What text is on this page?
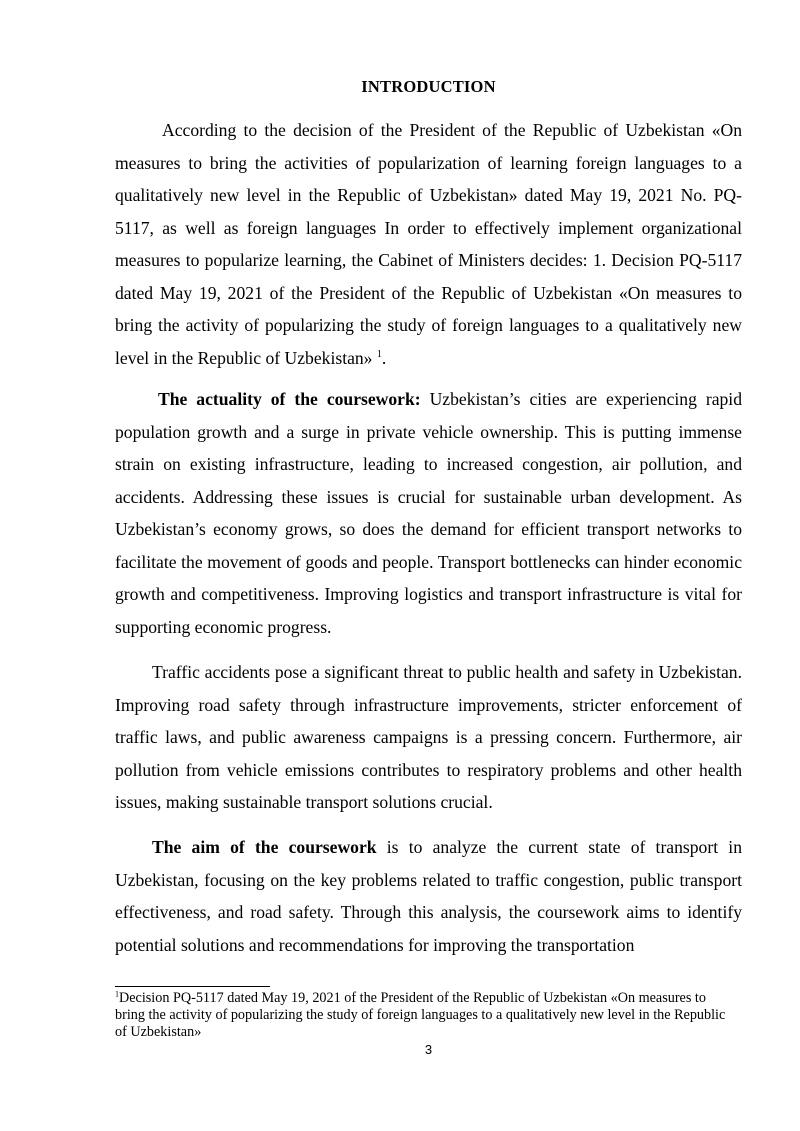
INTRODUCTION

According to the decision of the President of the Republic of Uzbekistan «On measures to bring the activities of popularization of learning foreign languages to a qualitatively new level in the Republic of Uzbekistan» dated May 19, 2021 No. PQ-5117, as well as foreign languages In order to effectively implement organizational measures to popularize learning, the Cabinet of Ministers decides: 1. Decision PQ-5117 dated May 19, 2021 of the President of the Republic of Uzbekistan «On measures to bring the activity of popularizing the study of foreign languages to a qualitatively new level in the Republic of Uzbekistan» $^1$.

The actuality of the coursework: Uzbekistan’s cities are experiencing rapid population growth and a surge in private vehicle ownership. This is putting immense strain on existing infrastructure, leading to increased congestion, air pollution, and accidents. Addressing these issues is crucial for sustainable urban development. As Uzbekistan’s economy grows, so does the demand for efficient transport networks to facilitate the movement of goods and people. Transport bottlenecks can hinder economic growth and competitiveness. Improving logistics and transport infrastructure is vital for supporting economic progress.

Traffic accidents pose a significant threat to public health and safety in Uzbekistan. Improving road safety through infrastructure improvements, stricter enforcement of traffic laws, and public awareness campaigns is a pressing concern. Furthermore, air pollution from vehicle emissions contributes to respiratory problems and other health issues, making sustainable transport solutions crucial.

The aim of the coursework is to analyze the current state of transport in Uzbekistan, focusing on the key problems related to traffic congestion, public transport effectiveness, and road safety. Through this analysis, the coursework aims to identify potential solutions and recommendations for improving the transportation

$^1$Decision PQ-5117 dated May 19, 2021 of the President of the Republic of Uzbekistan «On measures to bring the activity of popularizing the study of foreign languages to a qualitatively new level in the Republic of Uzbekistan»

3
